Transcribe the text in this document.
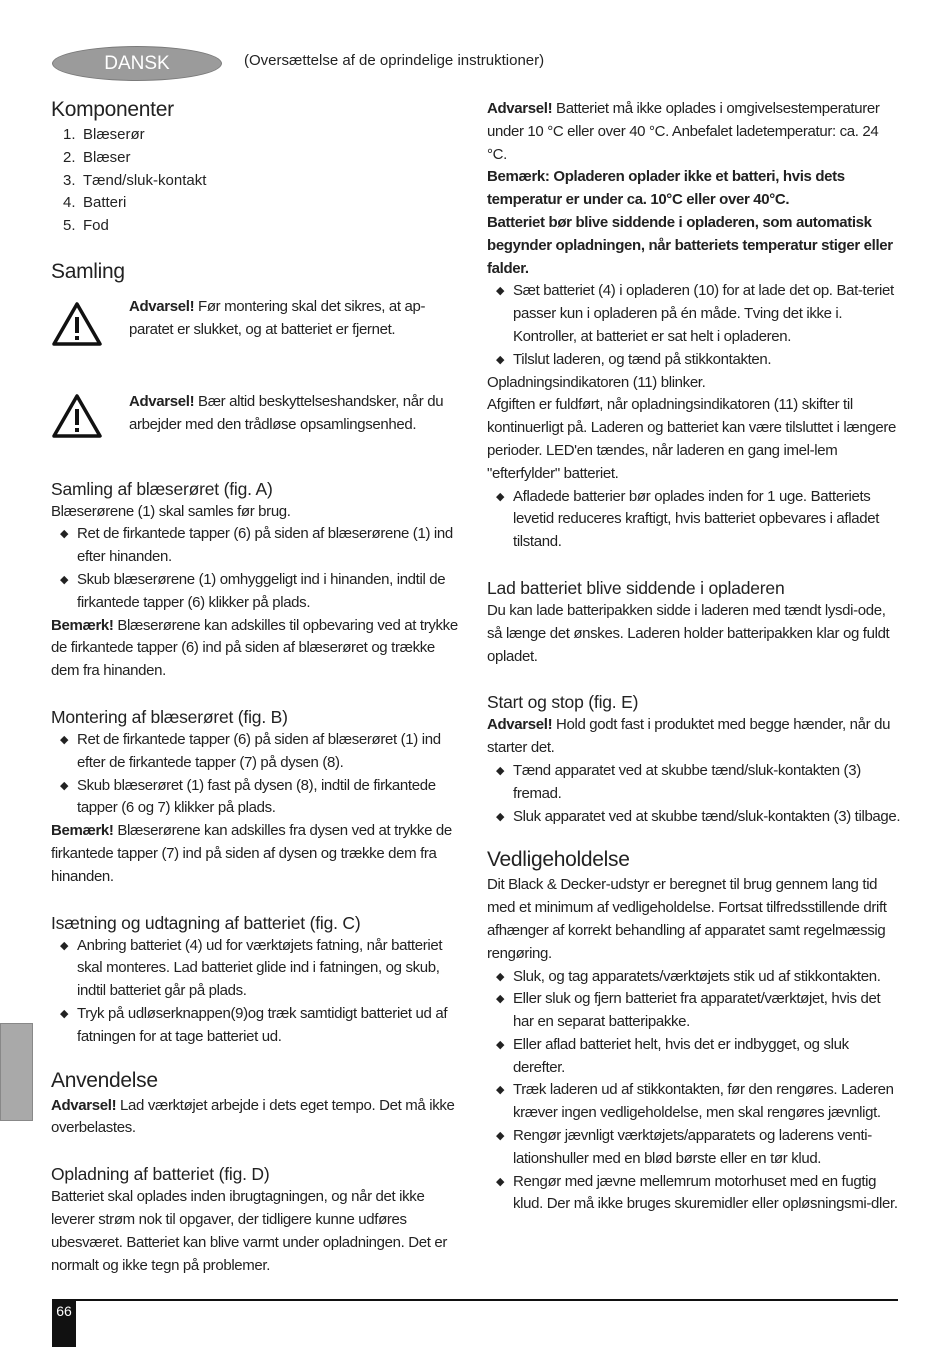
DANSK	(Oversættelse af de oprindelige instruktioner)
Komponenter
1. Blæserør
2. Blæser
3. Tænd/sluk-kontakt
4. Batteri
5. Fod
Samling
Advarsel! Før montering skal det sikres, at ap-paratet er slukket, og at batteriet er fjernet.
Advarsel! Bær altid beskyttelseshandsker, når du arbejder med den trådløse opsamlingsenhed.
Samling af blæserøret (fig. A)

Blæserørene (1) skal samles før brug.

◆ Ret de firkantede tapper (6) på siden af blæserørene (1) ind efter hinanden.
◆ Skub blæserørene (1) omhyggeligt ind i hinanden, indtil de firkantede tapper (6) klikker på plads.

Bemærk! Blæserørene kan adskilles til opbevaring ved at trykke de firkantede tapper (6) ind på siden af blæserøret og trække dem fra hinanden.

Montering af blæserøret (fig. B)
◆ Ret de firkantede tapper (6) på siden af blæserøret (1) ind efter de firkantede tapper (7) på dysen (8).
◆ Skub blæserøret (1) fast på dysen (8), indtil de firkantede tapper (6 og 7) klikker på plads.

Bemærk! Blæserørene kan adskilles fra dysen ved at trykke de firkantede tapper (7) ind på siden af dysen og trække dem fra hinanden.

Isætning og udtagning af batteriet (fig. C)
◆ Anbring batteriet (4) ud for værktøjets fatning, når batteriet skal monteres. Lad batteriet glide ind i fatningen, og skub, indtil batteriet går på plads.
◆ Tryk på udløserknappen(9)og træk samtidigt batteriet ud af fatningen for at tage batteriet ud.
Anvendelse

Advarsel! Lad værktøjet arbejde i dets eget tempo. Det må ikke overbelastes.

Opladning af batteriet (fig. D)

Batteriet skal oplades inden ibrugtagningen, og når det ikke leverer strøm nok til opgaver, der tidligere kunne udføres ubesværet. Batteriet kan blive varmt under opladningen. Det er normalt og ikke tegn på problemer.

Advarsel! Batteriet må ikke oplades i omgivelsestemperaturer under 10 °C eller over 40 °C. Anbefalet ladetemperatur: ca. 24 °C.

Bemærk: Opladeren oplader ikke et batteri, hvis dets temperatur er under ca. 10°C eller over 40°C.

Batteriet bør blive siddende i opladeren, som automatisk begynder opladningen, når batteriets temperatur stiger eller falder.

◆ Sæt batteriet (4) i opladeren (10) for at lade det op. Bat-teriet passer kun i opladeren på én måde. Tving det ikke i. Kontroller, at batteriet er sat helt i opladeren.
◆ Tilslut laderen, og tænd på stikkontakten.

Opladningsindikatoren (11) blinker.

Afgiften er fuldført, når opladningsindikatoren (11) skifter til kontinuerligt på. Laderen og batteriet kan være tilsluttet i længere perioder. LED'en tændes, når laderen en gang imel-lem "efterfylder" batteriet.

◆ Afladede batterier bør oplades inden for 1 uge. Batteriets levetid reduceres kraftigt, hvis batteriet opbevares i afladet tilstand.
Lad batteriet blive siddende i opladeren

Du kan lade batteripakken sidde i laderen med tændt lysdi-ode, så længe det ønskes. Laderen holder batteripakken klar og fuldt opladet.

Start og stop (fig. E)

Advarsel! Hold godt fast i produktet med begge hænder, når du starter det.

◆ Tænd apparatet ved at skubbe tænd/sluk-kontakten (3) fremad.
◆ Sluk apparatet ved at skubbe tænd/sluk-kontakten (3) tilbage.
Vedligeholdelse

Dit Black & Decker-udstyr er beregnet til brug gennem lang tid med et minimum af vedligeholdelse. Fortsat tilfredsstillende drift afhænger af korrekt behandling af apparatet samt regelmæssig rengøring.

◆ Sluk, og tag apparatets/værktøjets stik ud af stikkontakten.
◆ Eller sluk og fjern batteriet fra apparatet/værktøjet, hvis det har en separat batteripakke.
◆ Eller aflad batteriet helt, hvis det er indbygget, og sluk derefter.
◆ Træk laderen ud af stikkontakten, før den rengøres. Laderen kræver ingen vedligeholdelse, men skal rengøres jævnligt.
◆ Rengør jævnligt værktøjets/apparatets og laderens venti-lationshuller med en blød børste eller en tør klud.
◆ Rengør med jævne mellemrum motorhuset med en fugtig klud. Der må ikke bruges skuremidler eller opløsningsmi-dler.
66
